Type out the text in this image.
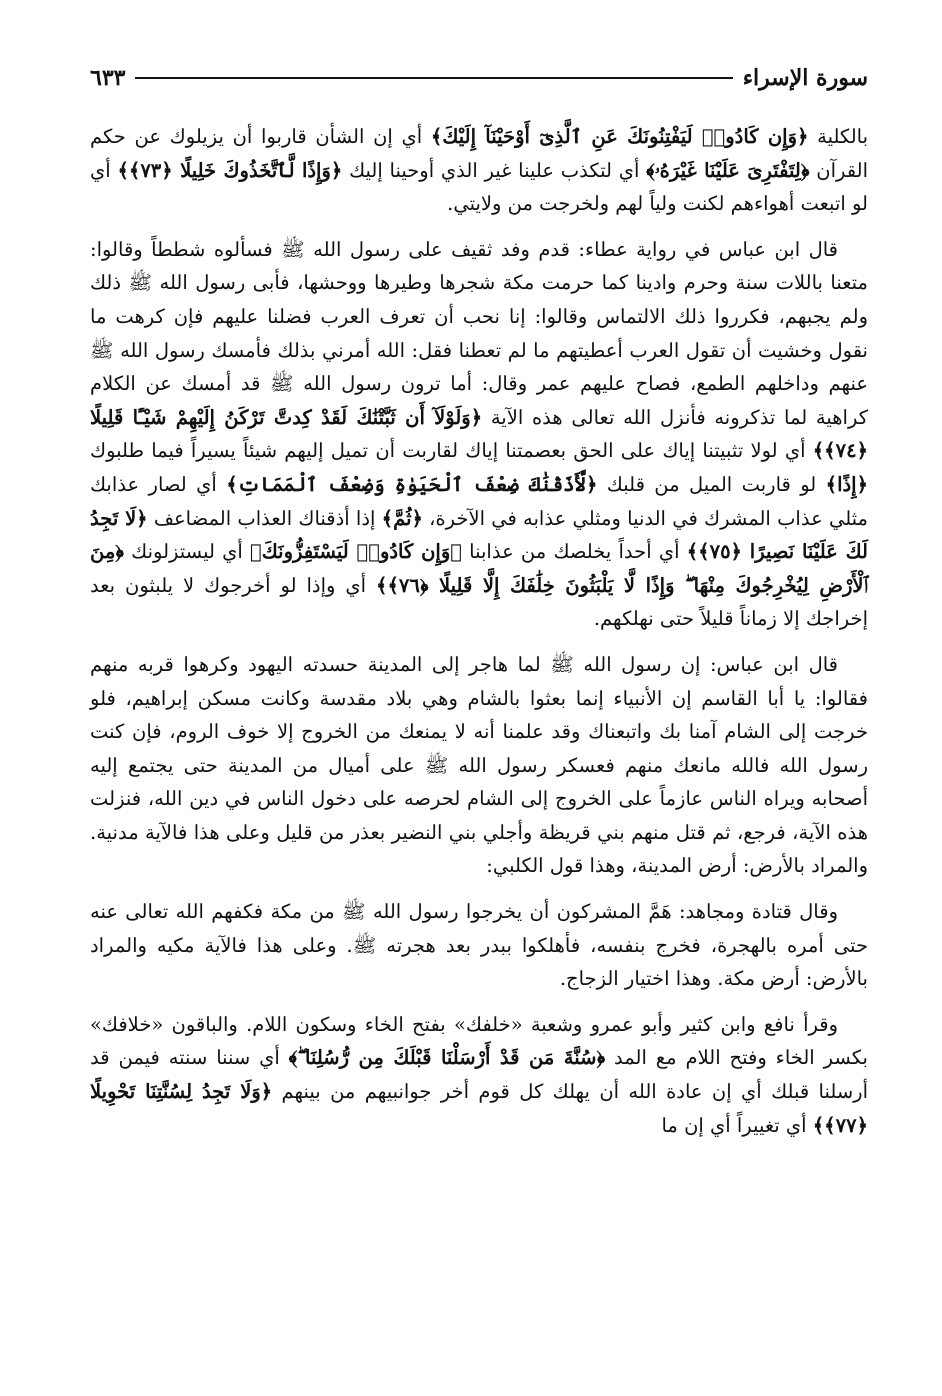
سورة الإسراء
٦٣٣

بالكلية ﴿وَإِن كَادُوا۟ لَيَفْتِنُونَكَ عَنِ ٱلَّذِىٓ أَوْحَيْنَآ إِلَيْكَ﴾ أي إن الشأن قاربوا أن يزيلوك عن حكم القرآن ﴿لِتَفْتَرِىَ عَلَيْنَا غَيْرَهُۥ﴾ أي لتكذب علينا غير الذي أوحينا إليك ﴿وَإِذًا لَّٱتَّخَذُوكَ خَلِيلًا ﴿٧٣﴾﴾ أي لو اتبعت أهواءهم لكنت ولياً لهم ولخرجت من ولايتي.

قال ابن عباس في رواية عطاء: قدم وفد ثقيف على رسول الله ﷺ فسألوه شططاً وقالوا: متعنا باللات سنة وحرم وادينا كما حرمت مكة شجرها وطيرها ووحشها، فأبى رسول الله ﷺ ذلك ولم يجبهم، فكرروا ذلك الالتماس وقالوا: إنا نحب أن تعرف العرب فضلنا عليهم فإن كرهت ما نقول وخشيت أن تقول العرب أعطيتهم ما لم تعطنا فقل: الله أمرني بذلك فأمسك رسول الله ﷺ عنهم وداخلهم الطمع، فصاح عليهم عمر وقال: أما ترون رسول الله ﷺ قد أمسك عن الكلام كراهية لما تذكرونه فأنزل الله تعالى هذه الآية ﴿وَلَوْلَآ أَن ثَبَّتْنَٰكَ لَقَدْ كِدتَّ تَرْكَنُ إِلَيْهِمْ شَيْـًٔا قَلِيلًا ﴿٧٤﴾﴾ أي لولا تثبيتنا إياك على الحق بعصمتنا إياك لقاربت أن تميل إليهم شيئاً يسيراً فيما طلبوك ﴿إِذًا﴾ لو قاربت الميل من قلبك ﴿لَّأَذَقْنَٰكَ ضِعْفَ ٱلْحَيَوٰةِ وَضِعْفَ ٱلْمَمَاتِ﴾ أي لصار عذابك مثلي عذاب المشرك في الدنيا ومثلي عذابه في الآخرة، ﴿ثُمَّ﴾ إذا أذقناك العذاب المضاعف ﴿لَا تَجِدُ لَكَ عَلَيْنَا نَصِيرًا ﴿٧٥﴾﴾ أي أحداً يخلصك من عذابنا ﴿وَإِن كَادُوا۟ لَيَسْتَفِزُّونَكَ﴾ أي ليستزلونك ﴿مِنَ ٱلْأَرْضِ لِيُخْرِجُوكَ مِنْهَا ۖ وَإِذًا لَّا يَلْبَثُونَ خِلَٰفَكَ إِلَّا قَلِيلًا ﴿٧٦﴾﴾ أي وإذا لو أخرجوك لا يلبثون بعد إخراجك إلا زماناً قليلاً حتى نهلكهم.

قال ابن عباس: إن رسول الله ﷺ لما هاجر إلى المدينة حسدته اليهود وكرهوا قربه منهم فقالوا: يا أبا القاسم إن الأنبياء إنما بعثوا بالشام وهي بلاد مقدسة وكانت مسكن إبراهيم، فلو خرجت إلى الشام آمنا بك واتبعناك وقد علمنا أنه لا يمنعك من الخروج إلا خوف الروم، فإن كنت رسول الله فالله مانعك منهم فعسكر رسول الله ﷺ على أميال من المدينة حتى يجتمع إليه أصحابه ويراه الناس عازماً على الخروج إلى الشام لحرصه على دخول الناس في دين الله، فنزلت هذه الآية، فرجع، ثم قتل منهم بني قريظة وأجلي بني النضير بعذر من قليل وعلى هذا فالآية مدنية. والمراد بالأرض: أرض المدينة، وهذا قول الكلبي:

وقال قتادة ومجاهد: هَمَّ المشركون أن يخرجوا رسول الله ﷺ من مكة فكفهم الله تعالى عنه حتى أمره بالهجرة، فخرج بنفسه، فأهلكوا ببدر بعد هجرته ﷺ. وعلى هذا فالآية مكيه والمراد بالأرض: أرض مكة. وهذا اختيار الزجاج.

وقرأ نافع وابن كثير وأبو عمرو وشعبة «خلفك» بفتح الخاء وسكون اللام. والباقون «خلافك» بكسر الخاء وفتح اللام مع المد ﴿سُنَّةَ مَن قَدْ أَرْسَلْنَا قَبْلَكَ مِن رُّسُلِنَا ۖ﴾ أي سننا سنته فيمن قد أرسلنا قبلك أي إن عادة الله أن يهلك كل قوم أخر جوانبيهم من بينهم ﴿وَلَا تَجِدُ لِسُنَّتِنَا تَحْوِيلًا ﴿٧٧﴾﴾ أي تغييراً أي إن ما
